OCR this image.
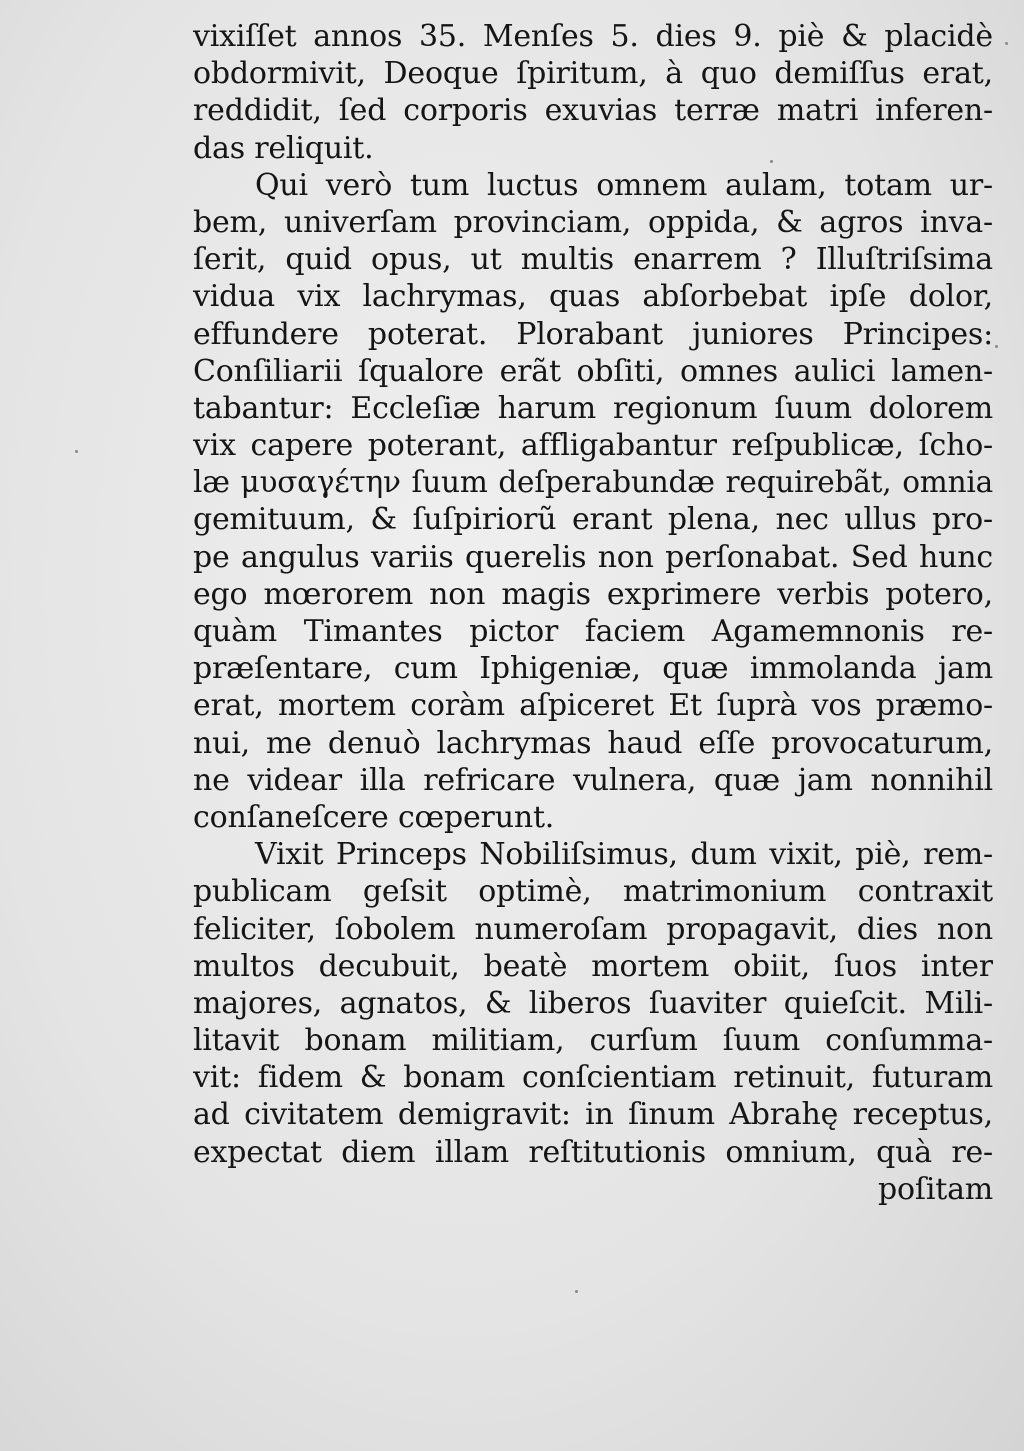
vixiſſet annos 35. Menſes 5. dies 9. piè & placidè
obdormivit, Deoque ſpiritum, à quo demiſſus erat,
reddidit, ſed corporis exuvias terræ matri inferen-
das reliquit.
Qui verò tum luctus omnem aulam, totam ur-
bem, univerſam provinciam, oppida, & agros inva-
ſerit, quid opus, ut multis enarrem ? Illuſtriſsima
vidua vix lachrymas, quas abſorbebat ipſe dolor,
effundere poterat. Plorabant juniores Principes:
Conſiliarii ſqualore erãt obſiti, omnes aulici lamen-
tabantur: Eccleſiæ harum regionum ſuum dolorem
vix capere poterant, affligabantur reſpublicæ, ſcho-
læ μυσαγέτην ſuum deſperabundæ requirebãt, omnia
gemituum, & ſuſpiriorũ erant plena, nec ullus pro-
pe angulus variis querelis non perſonabat. Sed hunc
ego mœrorem non magis exprimere verbis potero,
quàm Timantes pictor faciem Agamemnonis re-
præſentare, cum Iphigeniæ, quæ immolanda jam
erat, mortem coràm aſpiceret Et ſuprà vos præmo-
nui, me denuò lachrymas haud eſſe provocaturum,
ne videar illa refricare vulnera, quæ jam nonnihil
conſaneſcere cœperunt.
Vixit Princeps Nobiliſsimus, dum vixit, piè, rem-
publicam geſsit optimè, matrimonium contraxit
feliciter, ſobolem numeroſam propagavit, dies non
multos decubuit, beatè mortem obiit, ſuos inter
majores, agnatos, & liberos ſuaviter quieſcit. Mili-
litavit bonam militiam, curſum ſuum conſumma-
vit: fidem & bonam conſcientiam retinuit, futuram
ad civitatem demigravit: in ſinum Abrahę receptus,
expectat diem illam reſtitutionis omnium, quà re-
poſitam
